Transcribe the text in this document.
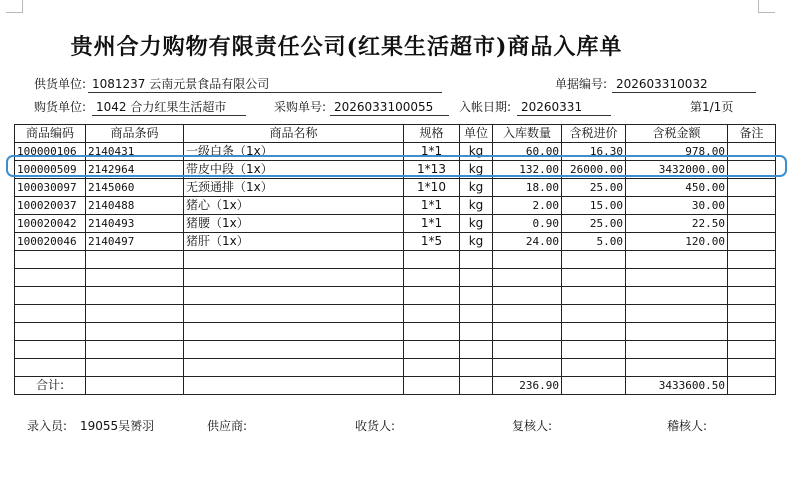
贵州合力购物有限责任公司(红果生活超市)商品入库单
供货单位: 1081237 云南元景食品有限公司	单据编号: 202603310032
购货单位: 1042 合力红果生活超市	采购单号: 2026033100055	入帐日期: 20260331	第1/1页
商品编码	商品条码	商品名称	规格	单位	入库数量	含税进价	含税金额	备注
100000106	2140431	一级白条（1x）	1*1	kg	60.00	16.30	978.00	
100000509	2142964	带皮中段（1x）	1*13	kg	132.00	26000.00	3432000.00	
100030097	2145060	无颈通排（1x）	1*10	kg	18.00	25.00	450.00	
100020037	2140488	猪心（1x）	1*1	kg	2.00	15.00	30.00	
100020042	2140493	猪腰（1x）	1*1	kg	0.90	25.00	22.50	
100020046	2140497	猪肝（1x）	1*5	kg	24.00	5.00	120.00	

合计:					236.90		3433600.50	
录入员: 19055吴赟羽	供应商:	收货人:	复核人:	稽核人:
